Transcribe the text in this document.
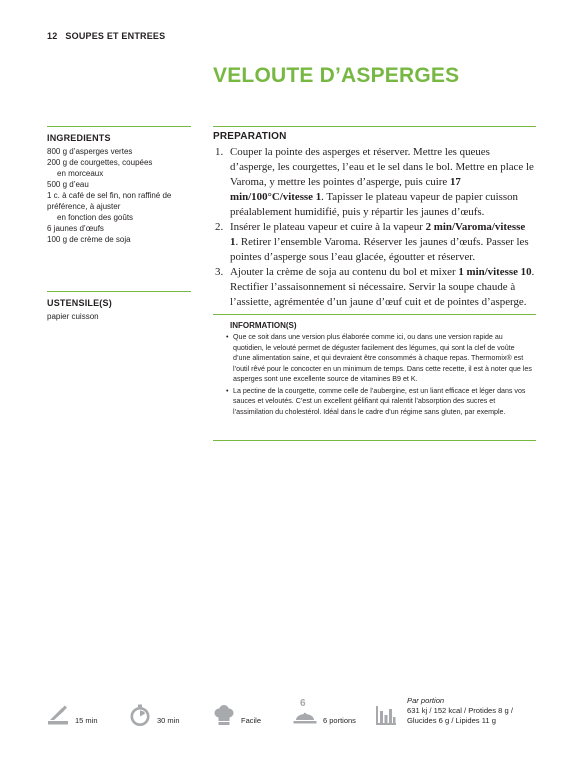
12 SOUPES ET ENTREES
VELOUTE D’ASPERGES
INGREDIENTS
800 g d’asperges vertes
200 g de courgettes, coupées
en morceaux
500 g d’eau
1 c. à café de sel fin, non raffiné de préférence, à ajuster
en fonction des goûts
6 jaunes d’œufs
100 g de crème de soja
USTENSILE(S)
papier cuisson
PREPARATION
1. Couper la pointe des asperges et réserver. Mettre les queues d’asperge, les courgettes, l’eau et le sel dans le bol. Mettre en place le Varoma, y mettre les pointes d’asperge, puis cuire 17 min/100°C/vitesse 1. Tapisser le plateau vapeur de papier cuisson préalablement humidifié, puis y répartir les jaunes d’œufs.
2. Insérer le plateau vapeur et cuire à la vapeur 2 min/Varoma/vitesse 1. Retirer l’ensemble Varoma. Réserver les jaunes d’œufs. Passer les pointes d’asperge sous l’eau glacée, égoutter et réserver.
3. Ajouter la crème de soja au contenu du bol et mixer 1 min/vitesse 10. Rectifier l’assaisonnement si nécessaire. Servir la soupe chaude à l’assiette, agrémentée d’un jaune d’œuf cuit et de pointes d’asperge.
INFORMATION(S)
• Que ce soit dans une version plus élaborée comme ici, ou dans une version rapide au quotidien, le velouté permet de déguster facilement des légumes, qui sont la clef de voûte d’une alimentation saine, et qui devraient être consommés à chaque repas. Thermomix® est l’outil rêvé pour le concocter en un minimum de temps. Dans cette recette, il est à noter que les asperges sont une excellente source de vitamines B9 et K.
• La pectine de la courgette, comme celle de l’aubergine, est un liant efficace et léger dans vos sauces et veloutés. C’est un excellent gélifiant qui ralentit l’absorption des sucres et l’assimilation du cholestérol. Idéal dans le cadre d’un régime sans gluten, par exemple.
15 min	30 min	Facile
6
6 portions
Par portion
631 kj / 152 kcal / Protides 8 g /
Glucides 6 g / Lipides 11 g
